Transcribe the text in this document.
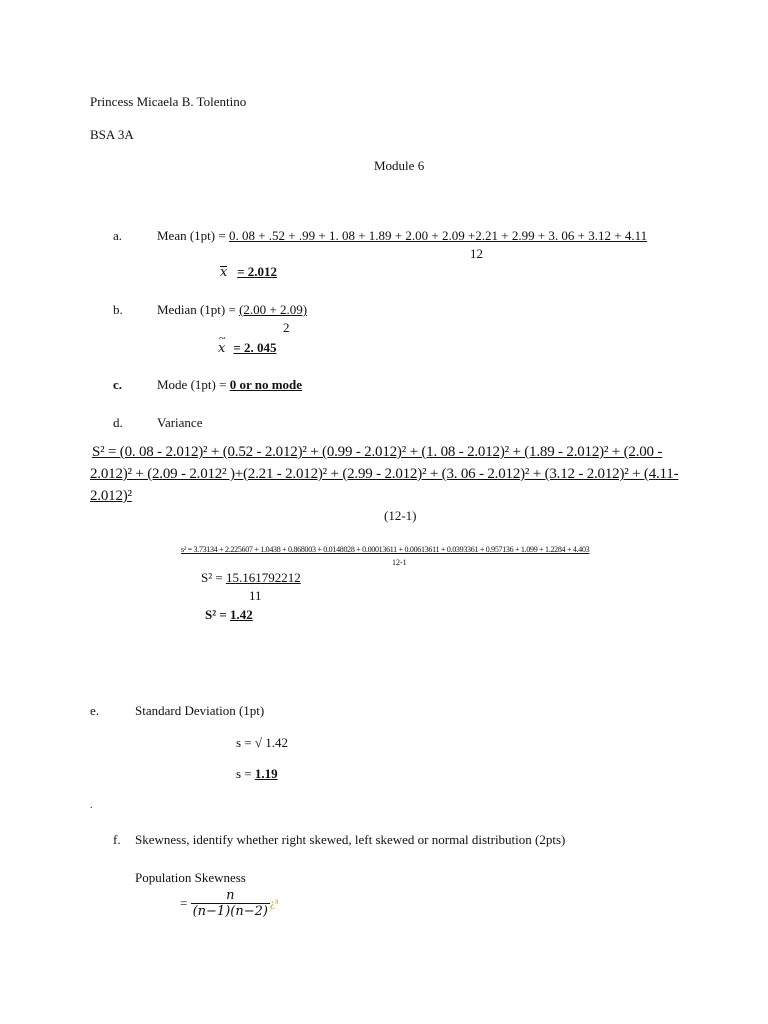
Princess Micaela B. Tolentino
BSA 3A
Module 6
a.	Mean (1pt) = 0. 08 + .52 + .99 + 1. 08 + 1.89 + 2.00 + 2.09 +2.21 + 2.99 + 3. 06 + 3.12 + 4.11
12
x = 2.012
b.	Median (1pt) = (2.00 + 2.09)
2
~
x = 2. 045
c.	Mode (1pt) = 0 or no mode
d.	Variance
S² = (0. 08 - 2.012)² + (0.52 - 2.012)² + (0.99 - 2.012)² + (1. 08 - 2.012)² + (1.89 - 2.012)² + (2.00 -
2.012)² + (2.09 - 2.012² )+(2.21 - 2.012)² + (2.99 - 2.012)² + (3. 06 - 2.012)² + (3.12 - 2.012)² + (4.11-
2.012)²
(12-1)
s² = 3.73134 + 2.225607 + 1.0438 + 0.868003 + 0.0148028 + 0.00013611 + 0.00613611 + 0.0393361 + 0.957136 + 1.099 + 1.2284 + 4.403
12-1
S² = 15.161792212
11
S² = 1.42
e.	Standard Deviation (1pt)
s = √ 1.42
s = 1.19
.
f. Skewness, identify whether right skewed, left skewed or normal distribution (2pts)
Population Skewness
= $\frac{n}{(n-1)(n-2)}$ ¿³
